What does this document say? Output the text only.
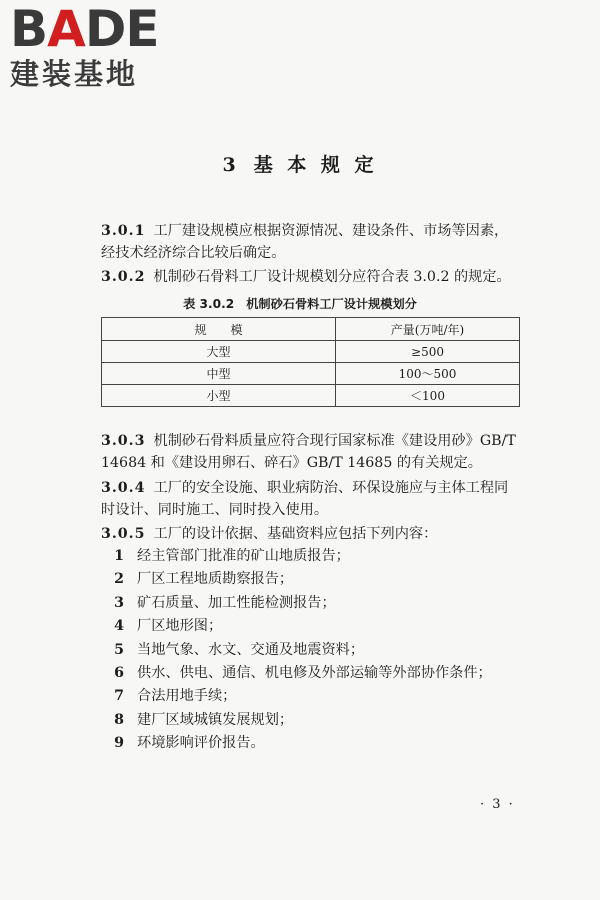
BADE
建装基地
3 基 本 规 定
3.0.1 工厂建设规模应根据资源情况、建设条件、市场等因素，经技术经济综合比较后确定。
3.0.2 机制砂石骨料工厂设计规模划分应符合表 3.0.2 的规定。
表 3.0.2 机制砂石骨料工厂设计规模划分
规模	产量(万吨/年)
大型	≥500
中型	100～500
小型	＜100
3.0.3 机制砂石骨料质量应符合现行国家标准《建设用砂》GB/T 14684 和《建设用卵石、碎石》GB/T 14685 的有关规定。
3.0.4 工厂的安全设施、职业病防治、环保设施应与主体工程同时设计、同时施工、同时投入使用。
3.0.5 工厂的设计依据、基础资料应包括下列内容：
1 经主管部门批准的矿山地质报告；
2 厂区工程地质勘察报告；
3 矿石质量、加工性能检测报告；
4 厂区地形图；
5 当地气象、水文、交通及地震资料；
6 供水、供电、通信、机电修及外部运输等外部协作条件；
7 合法用地手续；
8 建厂区域城镇发展规划；
9 环境影响评价报告。
· 3 ·
